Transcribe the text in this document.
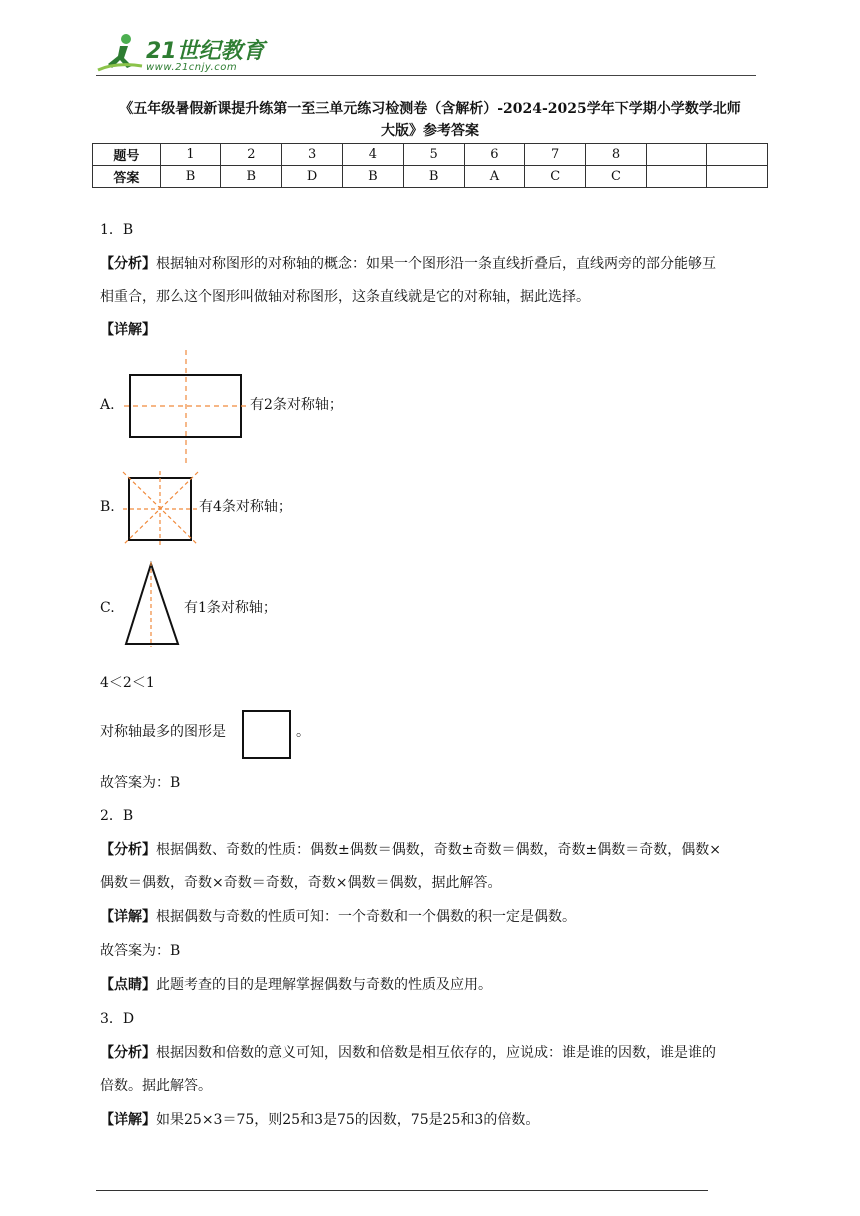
21世纪教育
www.21cnjy.com
《五年级暑假新课提升练第一至三单元练习检测卷（含解析）-2024-2025学年下学期小学数学北师
大版》参考答案
题号	1	2	3	4	5	6	7	8		
答案	B	B	D	B	B	A	C	C		
1．B
【分析】根据轴对称图形的对称轴的概念：如果一个图形沿一条直线折叠后，直线两旁的部分能够互
相重合，那么这个图形叫做轴对称图形，这条直线就是它的对称轴，据此选择。
【详解】
A.	有2条对称轴；
B.	有4条对称轴；
C.	有1条对称轴；
4＜2＜1
对称轴最多的图形是	。
故答案为：B
2．B
【分析】根据偶数、奇数的性质：偶数±偶数＝偶数，奇数±奇数＝偶数，奇数±偶数＝奇数，偶数×
偶数＝偶数，奇数×奇数＝奇数，奇数×偶数＝偶数，据此解答。
【详解】根据偶数与奇数的性质可知：一个奇数和一个偶数的积一定是偶数。
故答案为：B
【点睛】此题考查的目的是理解掌握偶数与奇数的性质及应用。
3．D
【分析】根据因数和倍数的意义可知，因数和倍数是相互依存的，应说成：谁是谁的因数，谁是谁的
倍数。据此解答。
【详解】如果25×3＝75，则25和3是75的因数，75是25和3的倍数。
